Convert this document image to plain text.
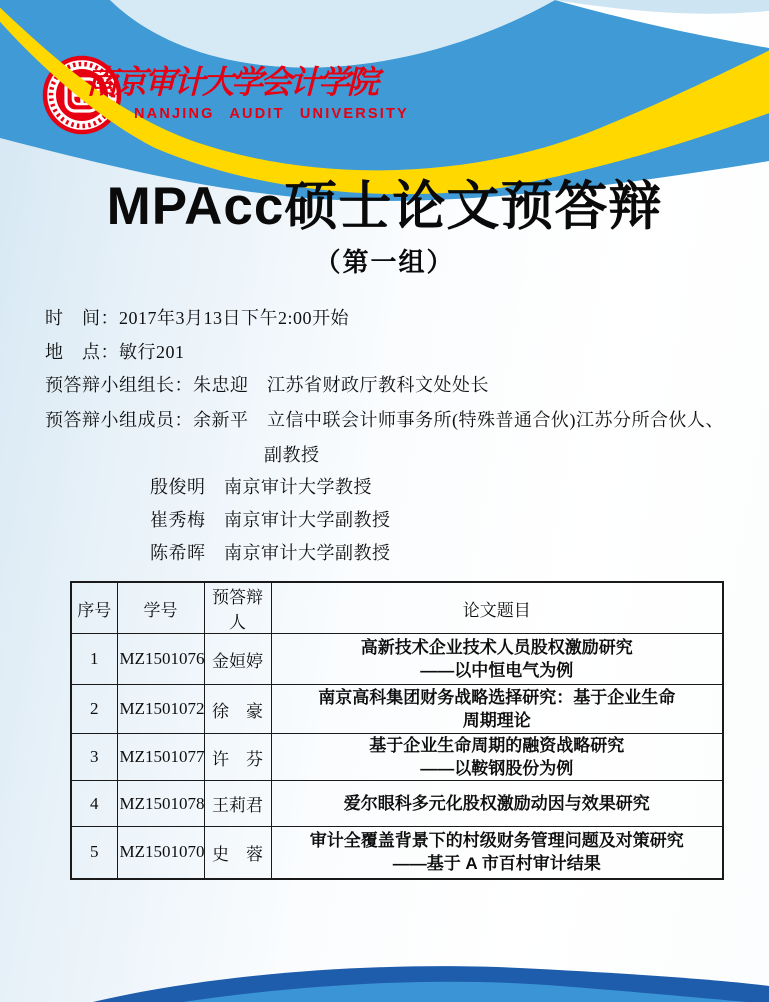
南京审计大学会计学院
NANJING AUDIT UNIVERSITY
MPAcc硕士论文预答辩
（第一组）
时　间：2017年3月13日下午2:00开始
地　点：敏行201
预答辩小组组长：朱忠迎　江苏省财政厅教科文处处长
预答辩小组成员：余新平　立信中联会计师事务所(特殊普通合伙)江苏分所合伙人、
副教授
殷俊明　南京审计大学教授
崔秀梅　南京审计大学副教授
陈希晖　南京审计大学副教授
序号	学号	预答辩人	论文题目
1	MZ1501076	金姮婷	高新技术企业技术人员股权激励研究
——以中恒电气为例

2	MZ1501072	徐　豪	南京高科集团财务战略选择研究：基于企业生命
周期理论

3	MZ1501077	许　芬	基于企业生命周期的融资战略研究
——以鞍钢股份为例

4	MZ1501078	王莉君	爱尔眼科多元化股权激励动因与效果研究

5	MZ1501070	史　蓉	审计全覆盖背景下的村级财务管理问题及对策研究
——基于 A 市百村审计结果
